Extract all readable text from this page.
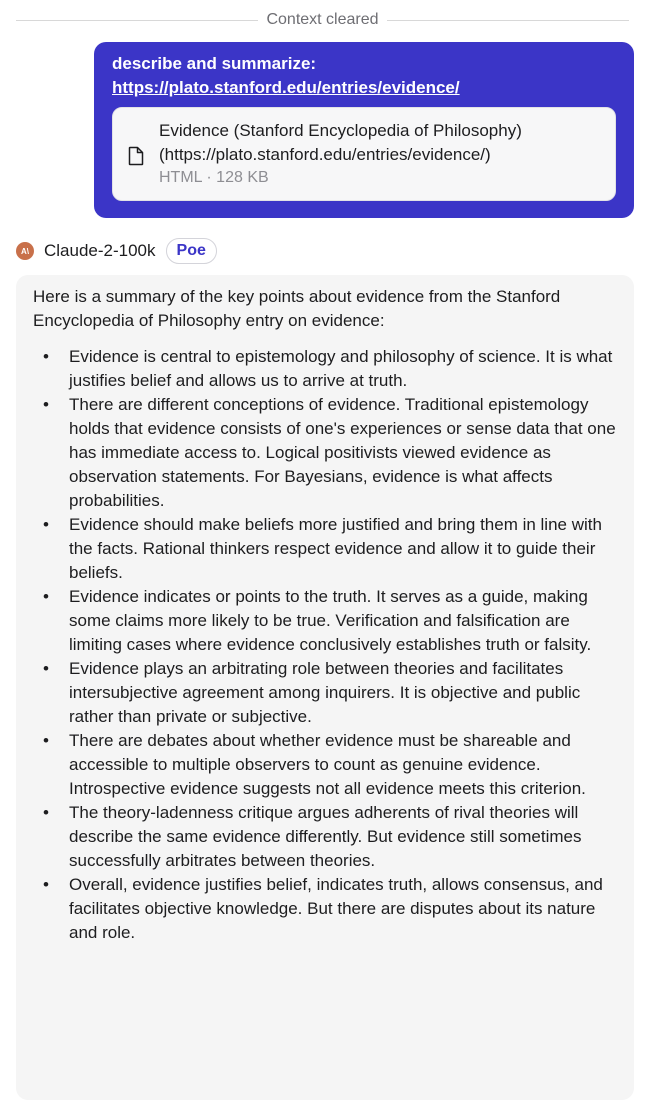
Context cleared
describe and summarize:
https://plato.stanford.edu/entries/evidence/
Evidence (Stanford Encyclopedia of Philosophy) (https://plato.stanford.edu/entries/evidence/)
HTML · 128 KB
A\ Claude-2-100k	Poe

Here is a summary of the key points about evidence from the Stanford Encyclopedia of Philosophy entry on evidence:

• Evidence is central to epistemology and philosophy of science. It is what justifies belief and allows us to arrive at truth.
• There are different conceptions of evidence. Traditional epistemology holds that evidence consists of one's experiences or sense data that one has immediate access to. Logical positivists viewed evidence as observation statements. For Bayesians, evidence is what affects probabilities.
• Evidence should make beliefs more justified and bring them in line with the facts. Rational thinkers respect evidence and allow it to guide their beliefs.
• Evidence indicates or points to the truth. It serves as a guide, making some claims more likely to be true. Verification and falsification are limiting cases where evidence conclusively establishes truth or falsity.
• Evidence plays an arbitrating role between theories and facilitates intersubjective agreement among inquirers. It is objective and public rather than private or subjective.
• There are debates about whether evidence must be shareable and accessible to multiple observers to count as genuine evidence. Introspective evidence suggests not all evidence meets this criterion.
• The theory-ladenness critique argues adherents of rival theories will describe the same evidence differently. But evidence still sometimes successfully arbitrates between theories.
• Overall, evidence justifies belief, indicates truth, allows consensus, and facilitates objective knowledge. But there are disputes about its nature and role.
